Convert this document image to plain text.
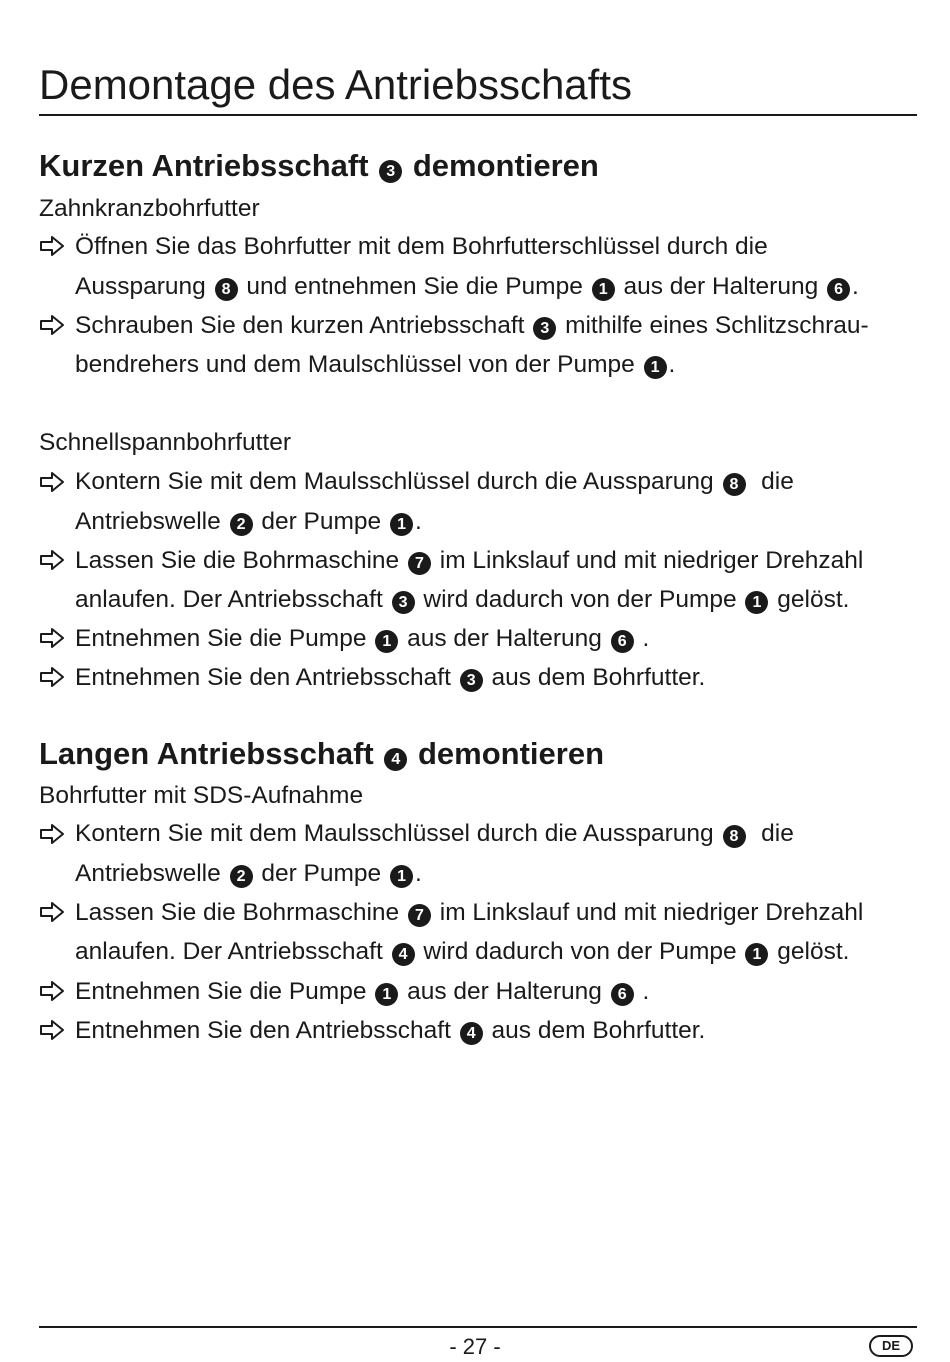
Demontage des Antriebsschafts
Kurzen Antriebsschaft 3 demontieren
Zahnkranzbohrfutter
Öffnen Sie das Bohrfutter mit dem Bohrfutterschlüssel durch die
Aussparung 8 und entnehmen Sie die Pumpe 1 aus der Halterung 6 .
Schrauben Sie den kurzen Antriebsschaft 3 mithilfe eines Schlitzschrau-
bendrehers und dem Maulschlüssel von der Pumpe 1 .
Schnellspannbohrfutter
Kontern Sie mit dem Maulsschlüssel durch die Aussparung 8 die
Antriebswelle 2 der Pumpe 1 .
Lassen Sie die Bohrmaschine 7 im Linkslauf und mit niedriger Drehzahl
anlaufen. Der Antriebsschaft 3 wird dadurch von der Pumpe 1 gelöst.
Entnehmen Sie die Pumpe 1 aus der Halterung 6 .
Entnehmen Sie den Antriebsschaft 3 aus dem Bohrfutter.
Langen Antriebsschaft 4 demontieren
Bohrfutter mit SDS-Aufnahme
Kontern Sie mit dem Maulsschlüssel durch die Aussparung 8 die
Antriebswelle 2 der Pumpe 1 .
Lassen Sie die Bohrmaschine 7 im Linkslauf und mit niedriger Drehzahl
anlaufen. Der Antriebsschaft 4 wird dadurch von der Pumpe 1 gelöst.
Entnehmen Sie die Pumpe 1 aus der Halterung 6 .
Entnehmen Sie den Antriebsschaft 4 aus dem Bohrfutter.
- 27 -	DE
